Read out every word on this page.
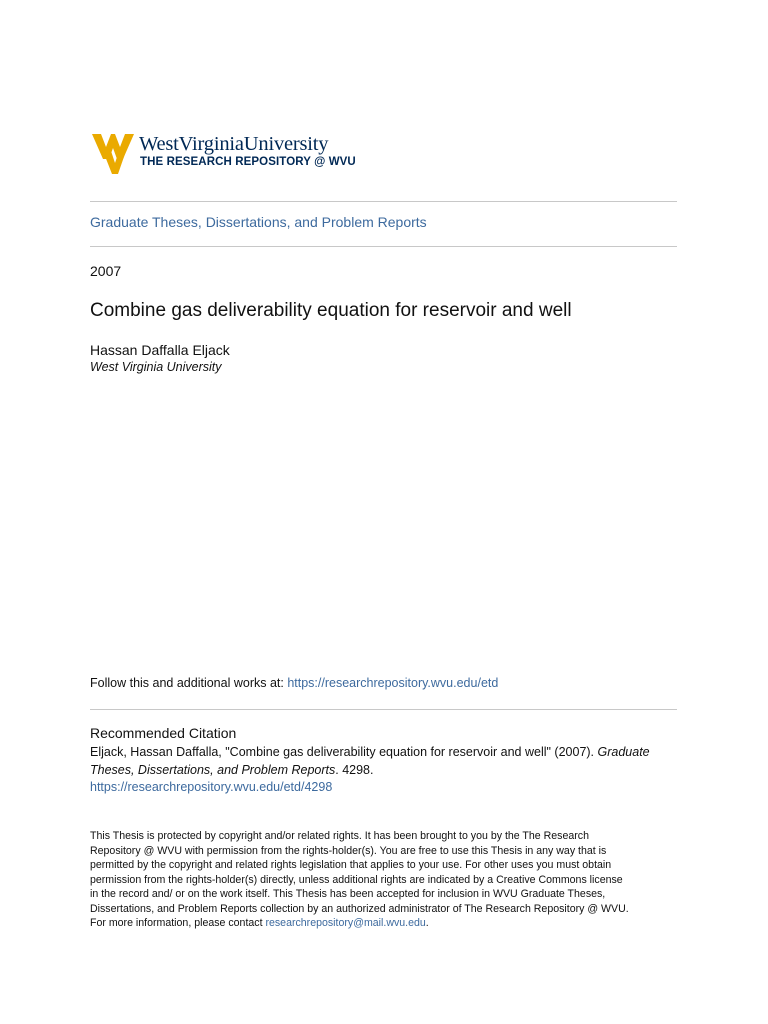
WestVirginiaUniversity
THE RESEARCH REPOSITORY @ WVU
Graduate Theses, Dissertations, and Problem Reports
2007
Combine gas deliverability equation for reservoir and well
Hassan Daffalla Eljack
West Virginia University
Follow this and additional works at: https://researchrepository.wvu.edu/etd
Recommended Citation
Eljack, Hassan Daffalla, "Combine gas deliverability equation for reservoir and well" (2007). Graduate
Theses, Dissertations, and Problem Reports. 4298.
https://researchrepository.wvu.edu/etd/4298
This Thesis is protected by copyright and/or related rights. It has been brought to you by the The Research
Repository @ WVU with permission from the rights-holder(s). You are free to use this Thesis in any way that is
permitted by the copyright and related rights legislation that applies to your use. For other uses you must obtain
permission from the rights-holder(s) directly, unless additional rights are indicated by a Creative Commons license
in the record and/ or on the work itself. This Thesis has been accepted for inclusion in WVU Graduate Theses,
Dissertations, and Problem Reports collection by an authorized administrator of The Research Repository @ WVU.
For more information, please contact researchrepository@mail.wvu.edu.
